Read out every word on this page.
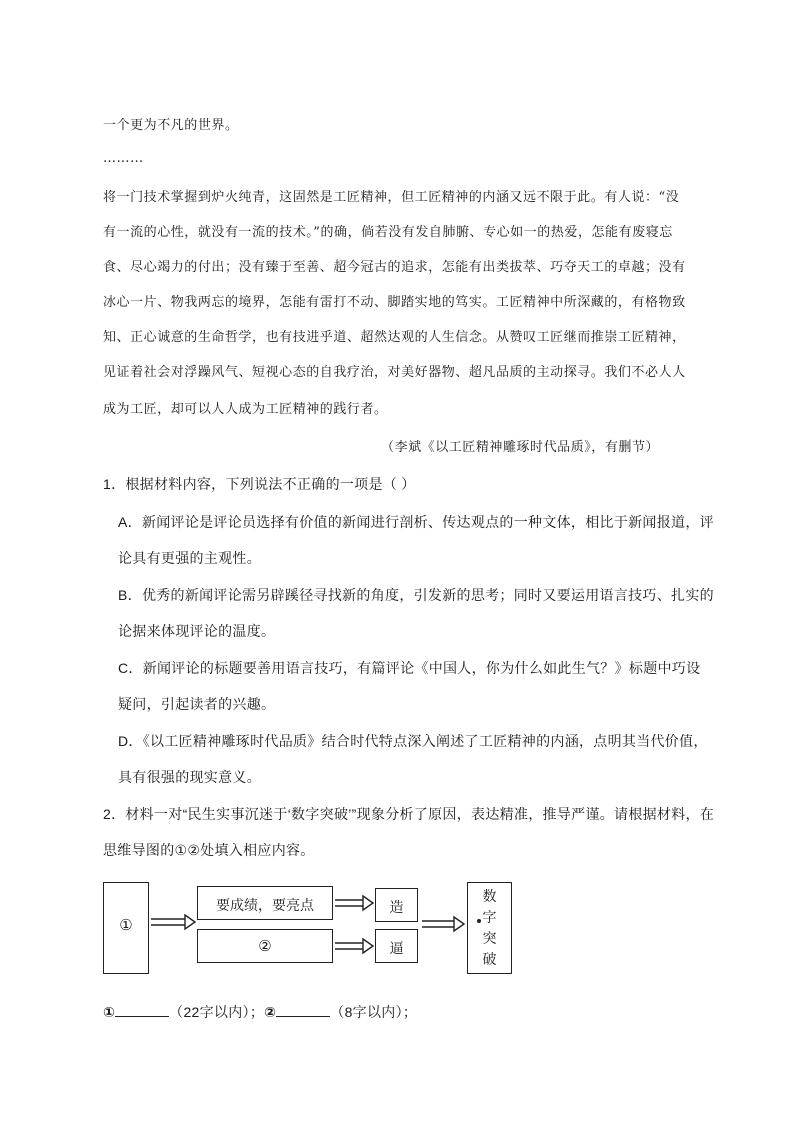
一个更为不凡的世界。
………
将一门技术掌握到炉火纯青，这固然是工匠精神，但工匠精神的内涵又远不限于此。有人说：“没
有一流的心性，就没有一流的技术。”的确，倘若没有发自肺腑、专心如一的热爱，怎能有废寝忘
食、尽心竭力的付出；没有臻于至善、超今冠古的追求，怎能有出类拔萃、巧夺天工的卓越；没有
冰心一片、物我两忘的境界，怎能有雷打不动、脚踏实地的笃实。工匠精神中所深藏的，有格物致
知、正心诚意的生命哲学，也有技进乎道、超然达观的人生信念。从赞叹工匠继而推崇工匠精神，
见证着社会对浮躁风气、短视心态的自我疗治，对美好器物、超凡品质的主动探寻。我们不必人人
成为工匠，却可以人人成为工匠精神的践行者。
（李斌《以工匠精神雕琢时代品质》，有删节）
1．根据材料内容，下列说法不正确的一项是（ ）
A．新闻评论是评论员选择有价值的新闻进行剖析、传达观点的一种文体，相比于新闻报道，评
论具有更强的主观性。
B．优秀的新闻评论需另辟蹊径寻找新的角度，引发新的思考；同时又要运用语言技巧、扎实的
论据来体现评论的温度。
C．新闻评论的标题要善用语言技巧，有篇评论《中国人，你为什么如此生气？》标题中巧设
疑问，引起读者的兴趣。
D．《以工匠精神雕琢时代品质》结合时代特点深入阐述了工匠精神的内涵，点明其当代价值，
具有很强的现实意义。
2．材料一对“民生实事沉迷于‘数字突破’”现象分析了原因，表达精准，推导严谨。请根据材料，在
思维导图的①②处填入相应内容。
①
要成绩，要亮点
②
造
逼
数
字
突
破
①	（22字以内）；②	（8字以内）；
